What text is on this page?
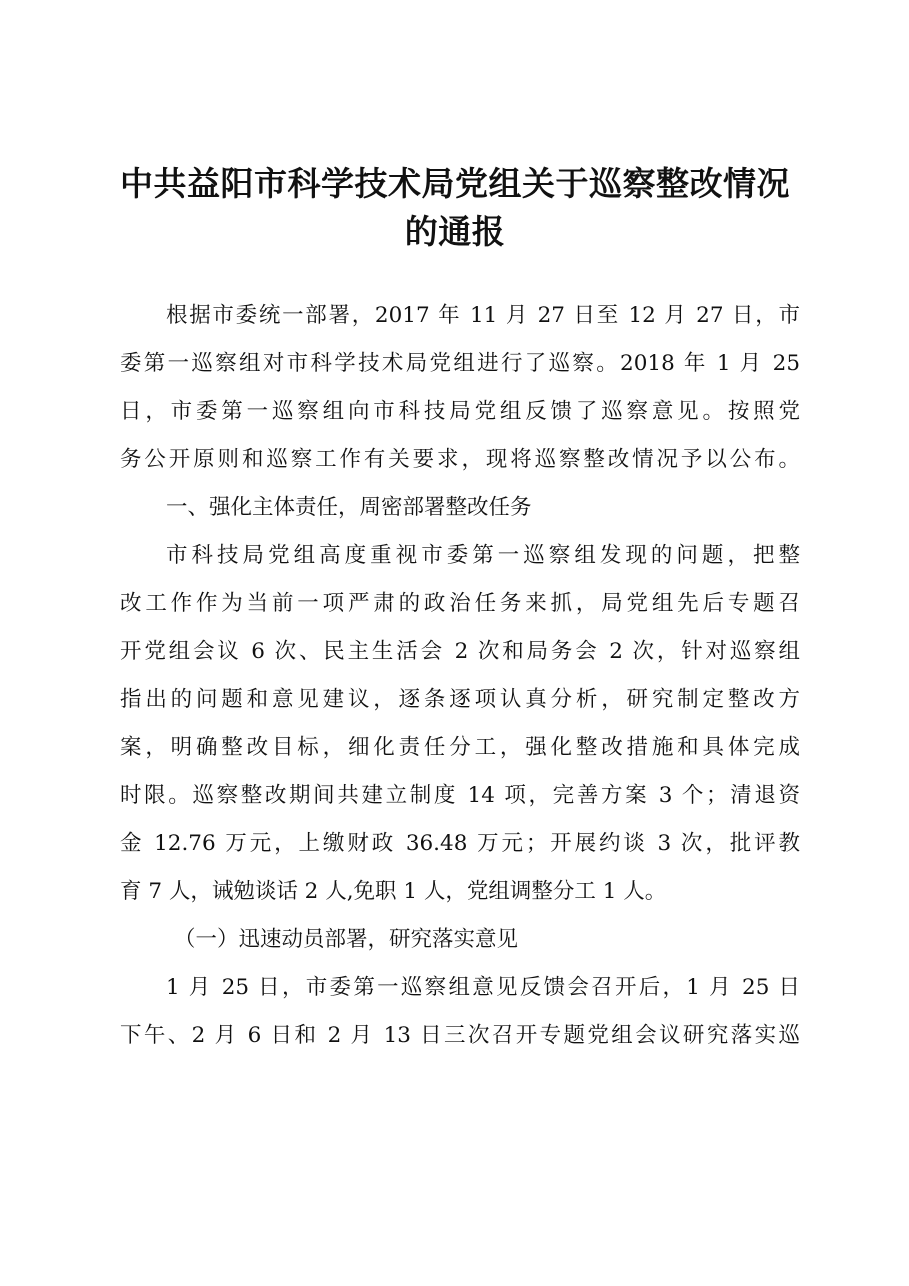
中共益阳市科学技术局党组关于巡察整改情况
的通报
根据市委统一部署，2017 年 11 月 27 日至 12 月 27 日，市
委第一巡察组对市科学技术局党组进行了巡察。2018 年 1 月 25
日，市委第一巡察组向市科技局党组反馈了巡察意见。按照党
务公开原则和巡察工作有关要求，现将巡察整改情况予以公布。
一、强化主体责任，周密部署整改任务
市科技局党组高度重视市委第一巡察组发现的问题，把整
改工作作为当前一项严肃的政治任务来抓，局党组先后专题召
开党组会议 6 次、民主生活会 2 次和局务会 2 次，针对巡察组
指出的问题和意见建议，逐条逐项认真分析，研究制定整改方
案，明确整改目标，细化责任分工，强化整改措施和具体完成
时限。巡察整改期间共建立制度 14 项，完善方案 3 个；清退资
金 12.76 万元，上缴财政 36.48 万元；开展约谈 3 次，批评教
育 7 人，诫勉谈话 2 人,免职 1 人，党组调整分工 1 人。
（一）迅速动员部署，研究落实意见
1 月 25 日，市委第一巡察组意见反馈会召开后，1 月 25 日
下午、2 月 6 日和 2 月 13 日三次召开专题党组会议研究落实巡
